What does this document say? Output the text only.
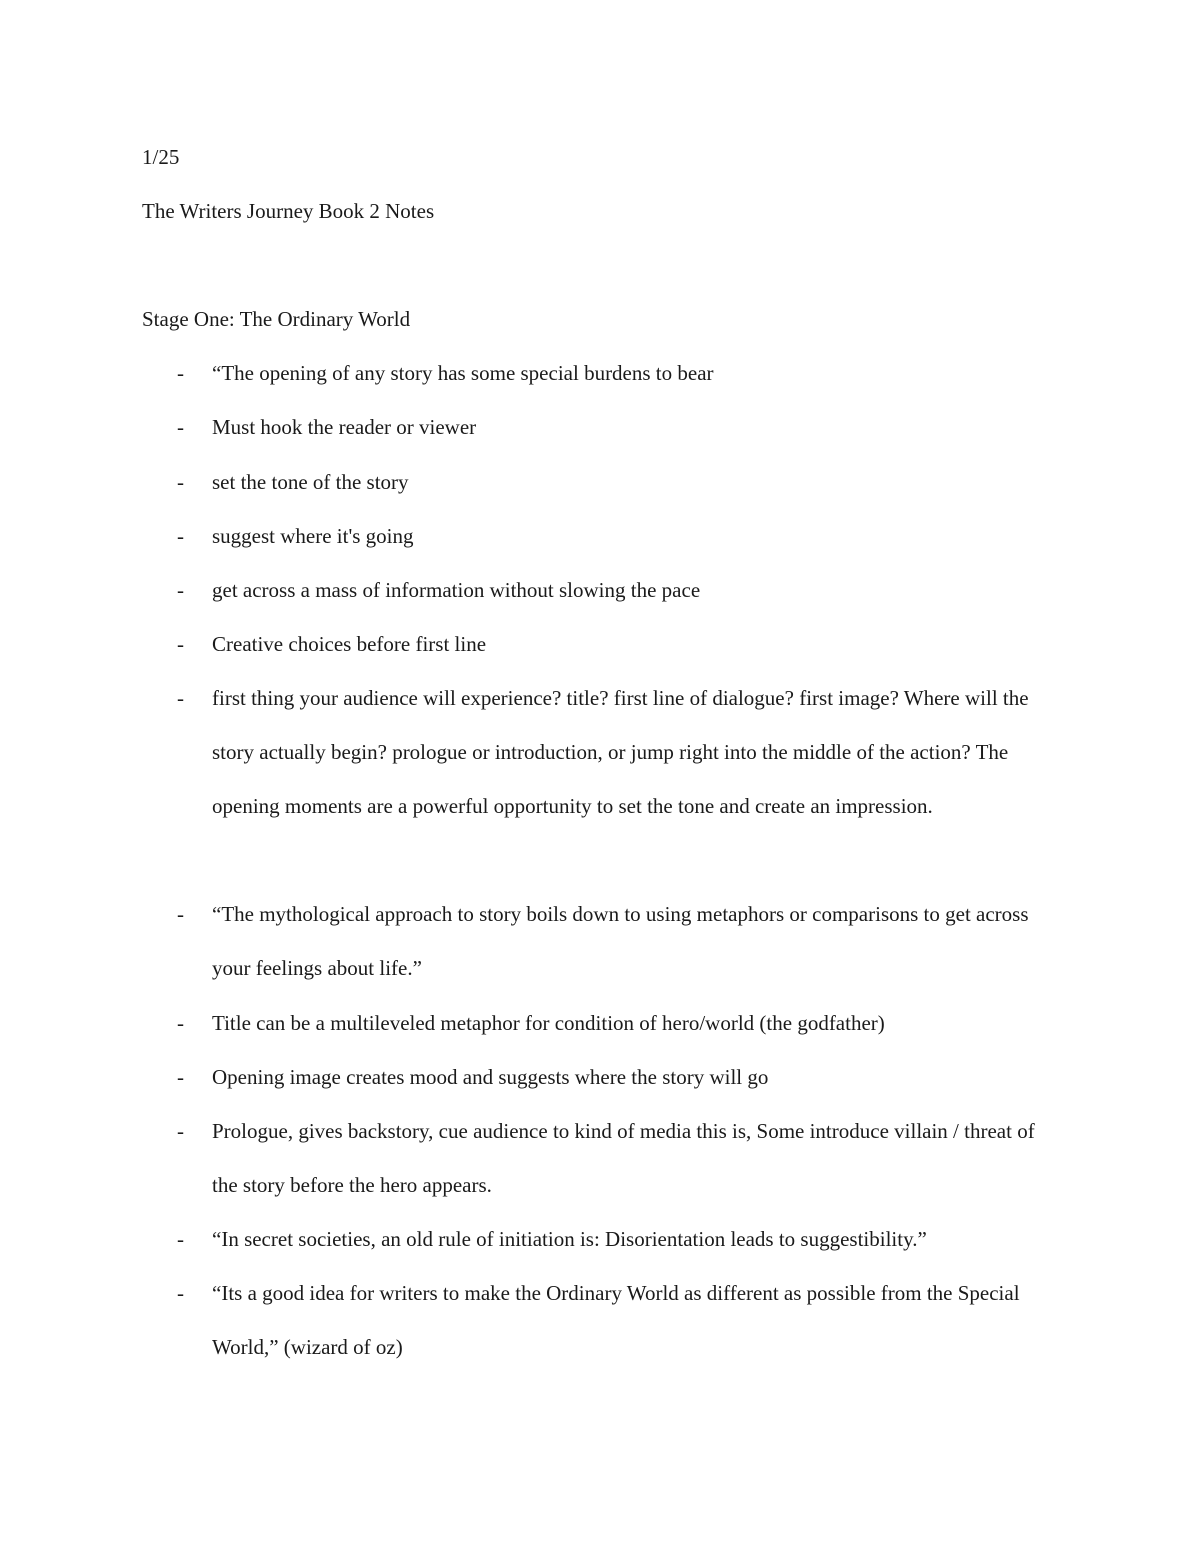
1/25
The Writers Journey Book 2 Notes
Stage One: The Ordinary World
- “The opening of any story has some special burdens to bear
- Must hook the reader or viewer
- set the tone of the story
- suggest where it's going
- get across a mass of information without slowing the pace
- Creative choices before first line
- first thing your audience will experience? title? first line of dialogue? first image? Where will the story actually begin? prologue or introduction, or jump right into the middle of the action? The opening moments are a powerful opportunity to set the tone and create an impression.
- “The mythological approach to story boils down to using metaphors or comparisons to get across your feelings about life.”
- Title can be a multileveled metaphor for condition of hero/world (the godfather)
- Opening image creates mood and suggests where the story will go
- Prologue, gives backstory, cue audience to kind of media this is, Some introduce villain / threat of the story before the hero appears.
- “In secret societies, an old rule of initiation is: Disorientation leads to suggestibility.”
- “Its a good idea for writers to make the Ordinary World as different as possible from the Special World,” (wizard of oz)
